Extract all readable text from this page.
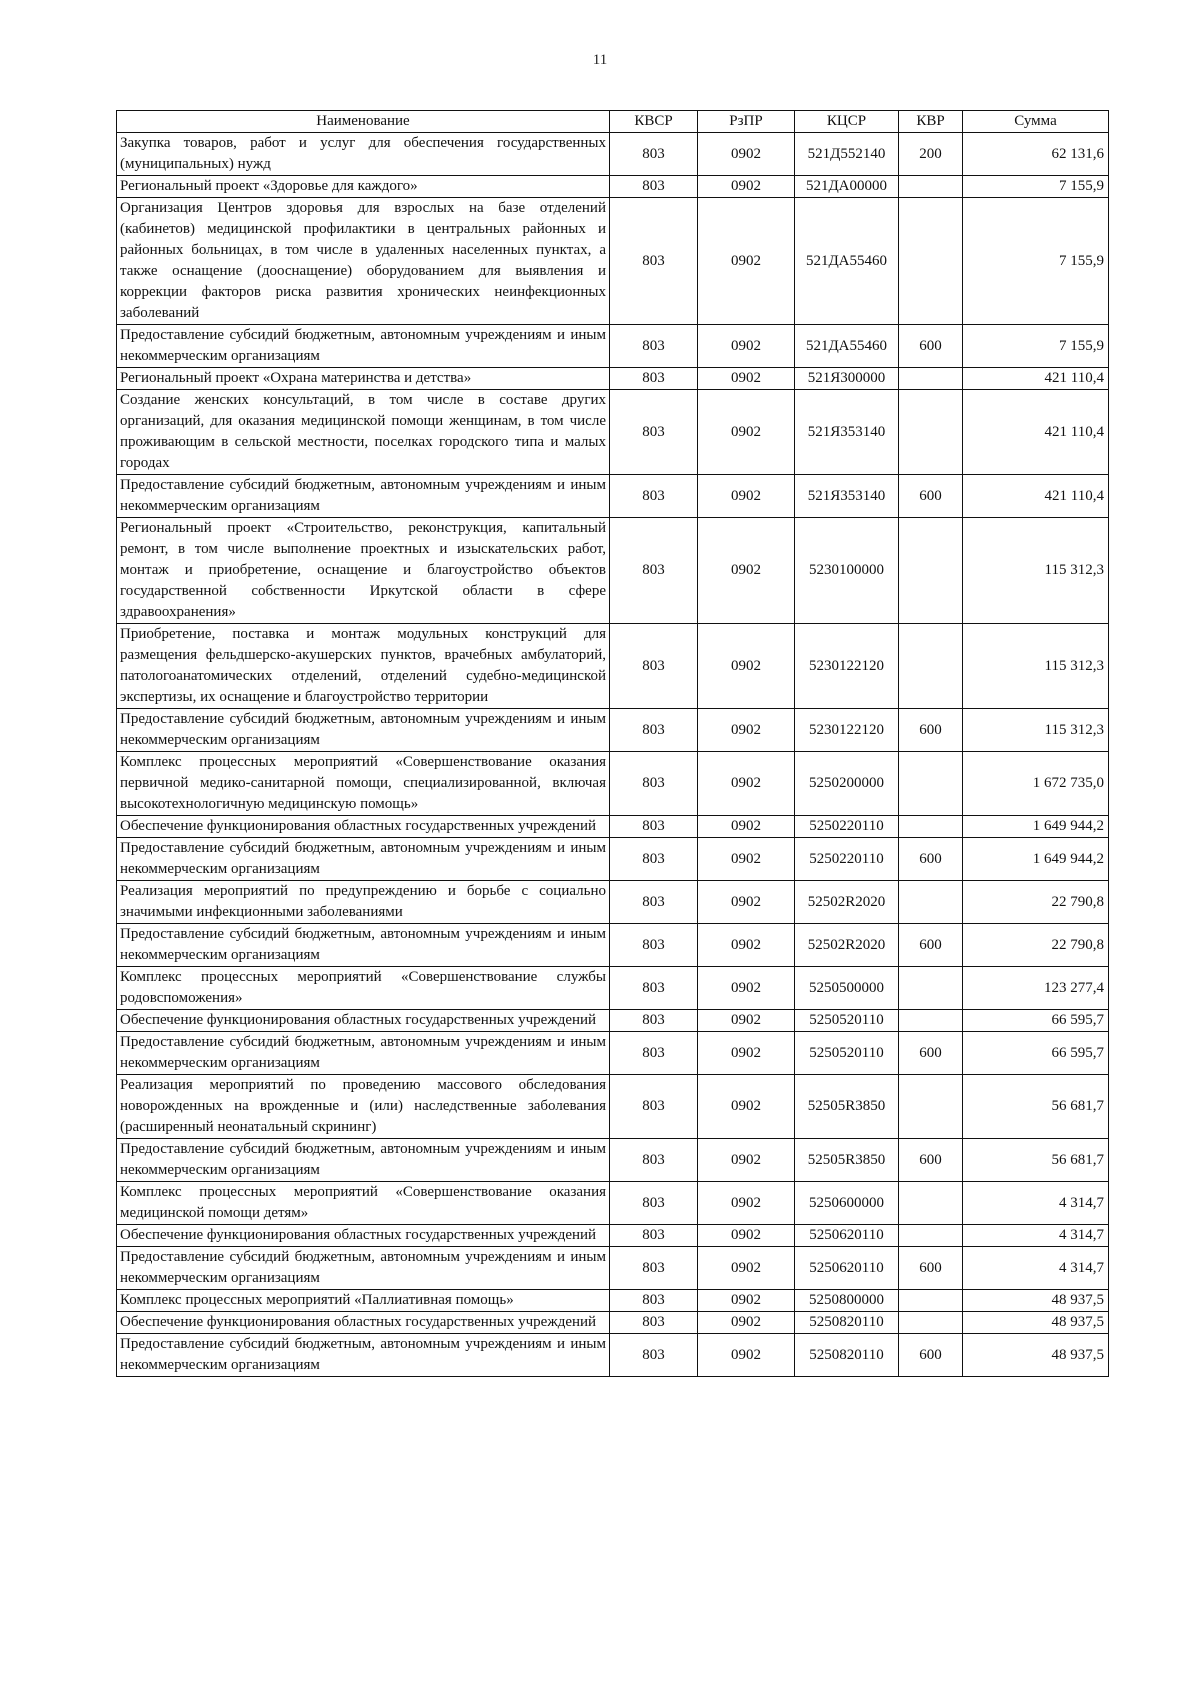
11
Наименование	КВСР	РзПР	КЦСР	КВР	Сумма
Закупка товаров, работ и услуг для обеспечения государственных (муниципальных) нужд	803	0902	521Д552140	200	62 131,6
Региональный проект «Здоровье для каждого»	803	0902	521ДА00000		7 155,9
Организация Центров здоровья для взрослых на базе отделений (кабинетов) медицинской профилактики в центральных районных и районных больницах, в том числе в удаленных населенных пунктах, а также оснащение (дооснащение) оборудованием для выявления и коррекции факторов риска развития хронических неинфекционных заболеваний	803	0902	521ДА55460		7 155,9
Предоставление субсидий бюджетным, автономным учреждениям и иным некоммерческим организациям	803	0902	521ДА55460	600	7 155,9
Региональный проект «Охрана материнства и детства»	803	0902	521Я300000		421 110,4
Создание женских консультаций, в том числе в составе других организаций, для оказания медицинской помощи женщинам, в том числе проживающим в сельской местности, поселках городского типа и малых городах	803	0902	521Я353140		421 110,4
Предоставление субсидий бюджетным, автономным учреждениям и иным некоммерческим организациям	803	0902	521Я353140	600	421 110,4
Региональный проект «Строительство, реконструкция, капитальный ремонт, в том числе выполнение проектных и изыскательских работ, монтаж и приобретение, оснащение и благоустройство объектов государственной собственности Иркутской области в сфере здравоохранения»	803	0902	5230100000		115 312,3
Приобретение, поставка и монтаж модульных конструкций для размещения фельдшерско-акушерских пунктов, врачебных амбулаторий, патологоанатомических отделений, отделений судебно-медицинской экспертизы, их оснащение и благоустройство территории	803	0902	5230122120		115 312,3
Предоставление субсидий бюджетным, автономным учреждениям и иным некоммерческим организациям	803	0902	5230122120	600	115 312,3
Комплекс процессных мероприятий «Совершенствование оказания первичной медико-санитарной помощи, специализированной, включая высокотехнологичную медицинскую помощь»	803	0902	5250200000		1 672 735,0
Обеспечение функционирования областных государственных учреждений	803	0902	5250220110		1 649 944,2
Предоставление субсидий бюджетным, автономным учреждениям и иным некоммерческим организациям	803	0902	5250220110	600	1 649 944,2
Реализация мероприятий по предупреждению и борьбе с социально значимыми инфекционными заболеваниями	803	0902	52502R2020		22 790,8
Предоставление субсидий бюджетным, автономным учреждениям и иным некоммерческим организациям	803	0902	52502R2020	600	22 790,8
Комплекс процессных мероприятий «Совершенствование службы родовспоможения»	803	0902	5250500000		123 277,4
Обеспечение функционирования областных государственных учреждений	803	0902	5250520110		66 595,7
Предоставление субсидий бюджетным, автономным учреждениям и иным некоммерческим организациям	803	0902	5250520110	600	66 595,7
Реализация мероприятий по проведению массового обследования новорожденных на врожденные и (или) наследственные заболевания (расширенный неонатальный скрининг)	803	0902	52505R3850		56 681,7
Предоставление субсидий бюджетным, автономным учреждениям и иным некоммерческим организациям	803	0902	52505R3850	600	56 681,7
Комплекс процессных мероприятий «Совершенствование оказания медицинской помощи детям»	803	0902	5250600000		4 314,7
Обеспечение функционирования областных государственных учреждений	803	0902	5250620110		4 314,7
Предоставление субсидий бюджетным, автономным учреждениям и иным некоммерческим организациям	803	0902	5250620110	600	4 314,7
Комплекс процессных мероприятий «Паллиативная помощь»	803	0902	5250800000		48 937,5
Обеспечение функционирования областных государственных учреждений	803	0902	5250820110		48 937,5
Предоставление субсидий бюджетным, автономным учреждениям и иным некоммерческим организациям	803	0902	5250820110	600	48 937,5
